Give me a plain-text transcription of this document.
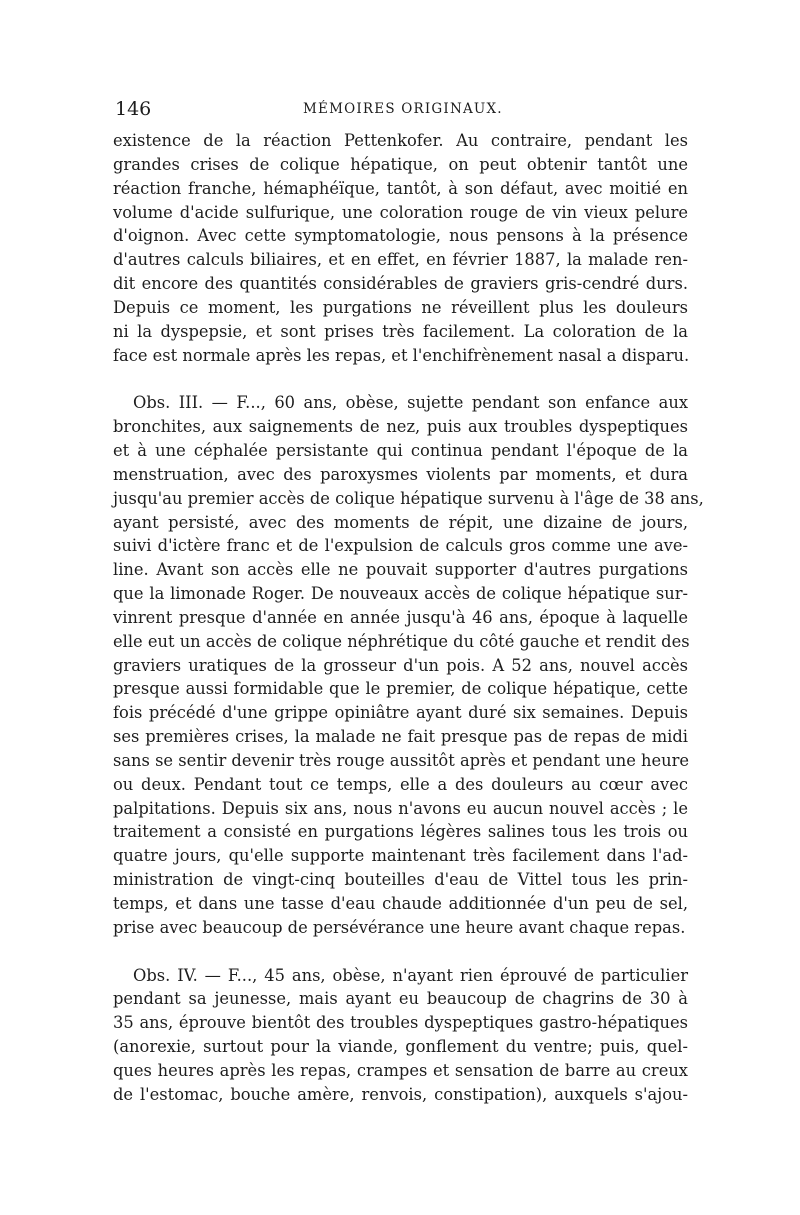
146	MÉMOIRES ORIGINAUX.
existence de la réaction Pettenkofer. Au contraire, pendant les
grandes crises de colique hépatique, on peut obtenir tantôt une
réaction franche, hémaphéïque, tantôt, à son défaut, avec moitié en
volume d'acide sulfurique, une coloration rouge de vin vieux pelure
d'oignon. Avec cette symptomatologie, nous pensons à la présence
d'autres calculs biliaires, et en effet, en février 1887, la malade ren-
dit encore des quantités considérables de graviers gris-cendré durs.
Depuis ce moment, les purgations ne réveillent plus les douleurs
ni la dyspepsie, et sont prises très facilement. La coloration de la
face est normale après les repas, et l'enchifrènement nasal a disparu.
Obs. III. — F..., 60 ans, obèse, sujette pendant son enfance aux
bronchites, aux saignements de nez, puis aux troubles dyspeptiques
et à une céphalée persistante qui continua pendant l'époque de la
menstruation, avec des paroxysmes violents par moments, et dura
jusqu'au premier accès de colique hépatique survenu à l'âge de 38 ans,
ayant persisté, avec des moments de répit, une dizaine de jours,
suivi d'ictère franc et de l'expulsion de calculs gros comme une ave-
line. Avant son accès elle ne pouvait supporter d'autres purgations
que la limonade Roger. De nouveaux accès de colique hépatique sur-
vinrent presque d'année en année jusqu'à 46 ans, époque à laquelle
elle eut un accès de colique néphrétique du côté gauche et rendit des
graviers uratiques de la grosseur d'un pois. A 52 ans, nouvel accès
presque aussi formidable que le premier, de colique hépatique, cette
fois précédé d'une grippe opiniâtre ayant duré six semaines. Depuis
ses premières crises, la malade ne fait presque pas de repas de midi
sans se sentir devenir très rouge aussitôt après et pendant une heure
ou deux. Pendant tout ce temps, elle a des douleurs au cœur avec
palpitations. Depuis six ans, nous n'avons eu aucun nouvel accès ; le
traitement a consisté en purgations légères salines tous les trois ou
quatre jours, qu'elle supporte maintenant très facilement dans l'ad-
ministration de vingt-cinq bouteilles d'eau de Vittel tous les prin-
temps, et dans une tasse d'eau chaude additionnée d'un peu de sel,
prise avec beaucoup de persévérance une heure avant chaque repas.
Obs. IV. — F..., 45 ans, obèse, n'ayant rien éprouvé de particulier
pendant sa jeunesse, mais ayant eu beaucoup de chagrins de 30 à
35 ans, éprouve bientôt des troubles dyspeptiques gastro-hépatiques
(anorexie, surtout pour la viande, gonflement du ventre; puis, quel-
ques heures après les repas, crampes et sensation de barre au creux
de l'estomac, bouche amère, renvois, constipation), auxquels s'ajou-
